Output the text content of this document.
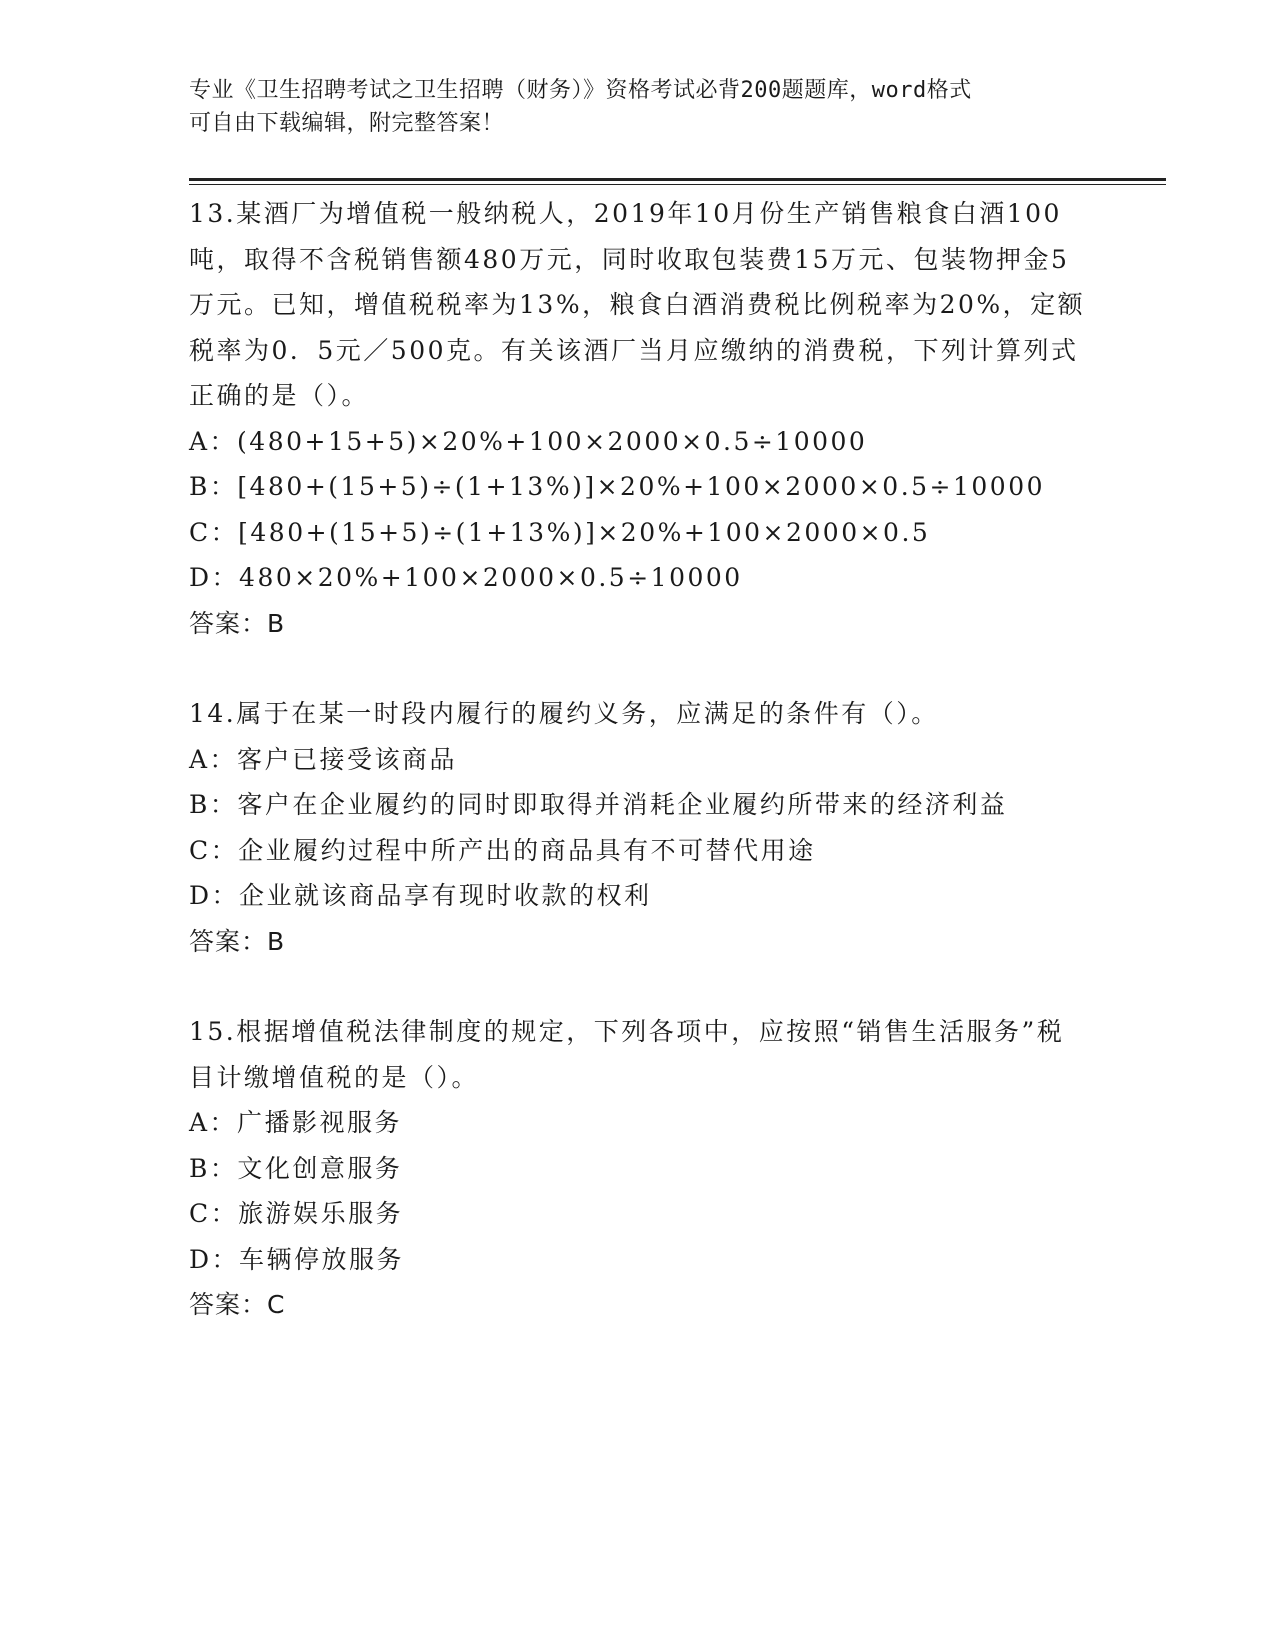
专业《卫生招聘考试之卫生招聘（财务）》资格考试必背200题题库，word格式
可自由下载编辑，附完整答案！

13.某酒厂为增值税一般纳税人，2019年10月份生产销售粮食白酒100吨，取得不含税销售额480万元，同时收取包装费15万元、包装物押金5万元。已知，增值税税率为13%，粮食白酒消费税比例税率为20%，定额税率为0．5元／500克。有关该酒厂当月应缴纳的消费税，下列计算列式正确的是（）。

A：(480+15+5)×20%+100×2000×0.5÷10000

B：[480+(15+5)÷(1+13%)]×20%+100×2000×0.5÷10000

C：[480+(15+5)÷(1+13%)]×20%+100×2000×0.5

D：480×20%+100×2000×0.5÷10000

答案：B

14.属于在某一时段内履行的履约义务，应满足的条件有（）。

A：客户已接受该商品

B：客户在企业履约的同时即取得并消耗企业履约所带来的经济利益

C：企业履约过程中所产出的商品具有不可替代用途

D：企业就该商品享有现时收款的权利

答案：B

15.根据增值税法律制度的规定，下列各项中，应按照“销售生活服务”税目计缴增值税的是（）。

A：广播影视服务

B：文化创意服务

C：旅游娱乐服务

D：车辆停放服务

答案：C
